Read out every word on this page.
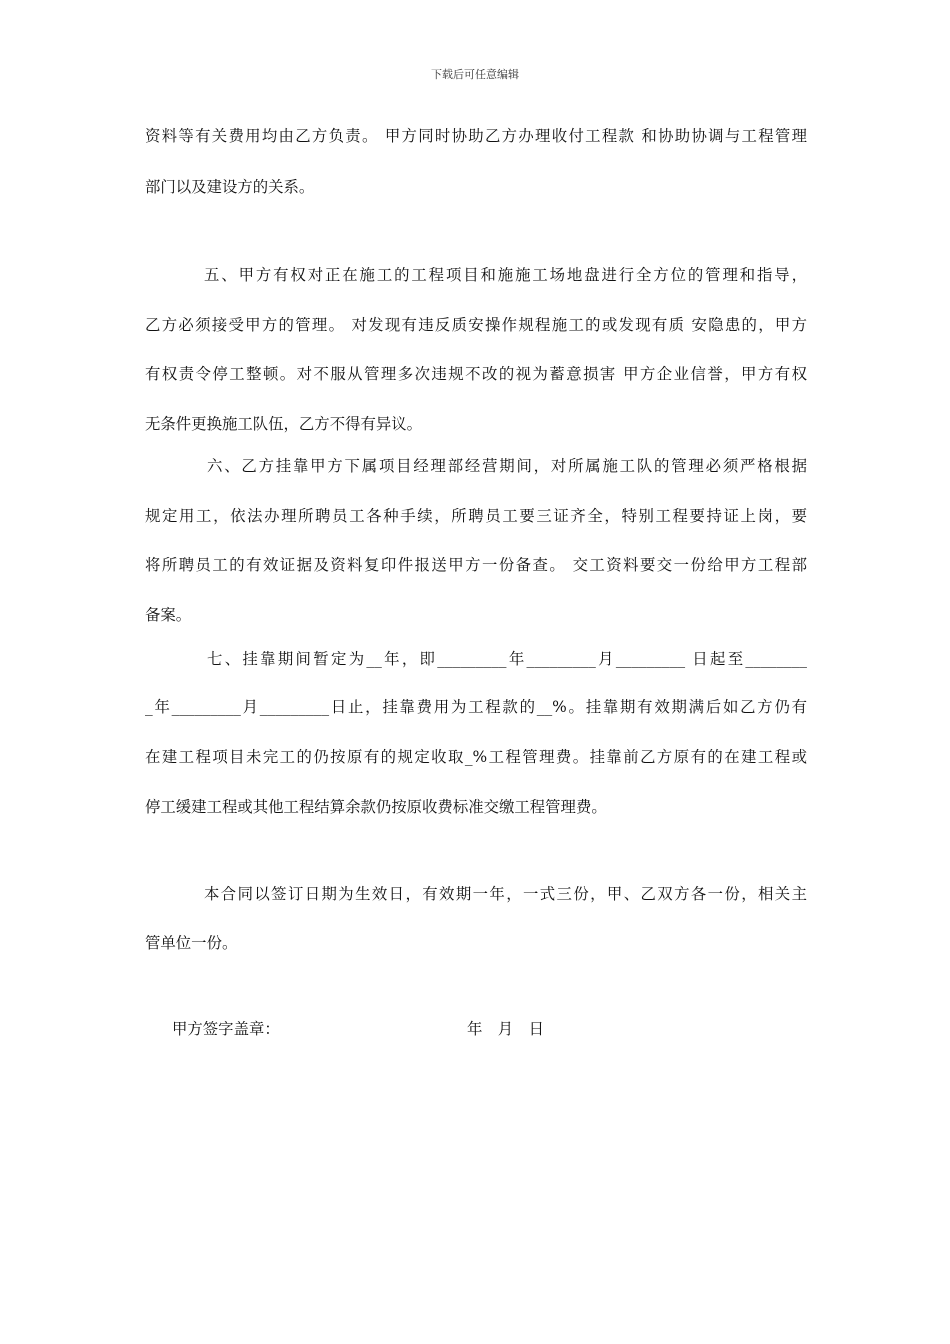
下载后可任意编辑
资料等有关费用均由乙方负责。 甲方同时协助乙方办理收付工程款 和协助协调与工程管理
部门以及建设方的关系。
五、甲方有权对正在施工的工程项目和施施工场地盘进行全方位的管理和指导，
乙方必须接受甲方的管理。 对发现有违反质安操作规程施工的或发现有质 安隐患的，甲方
有权责令停工整顿。对不服从管理多次违规不改的视为蓄意损害 甲方企业信誉，甲方有权
无条件更换施工队伍，乙方不得有异议。
六、乙方挂靠甲方下属项目经理部经营期间，对所属施工队的管理必须严格根据
规定用工，依法办理所聘员工各种手续，所聘员工要三证齐全，特别工程要持证上岗，要
将所聘员工的有效证据及资料复印件报送甲方一份备查。 交工资料要交一份给甲方工程部
备案。
七、挂靠期间暂定为__年，即_________年_________月_________ 日起至________
_年_________月_________日止，挂靠费用为工程款的__%。挂靠期有效期满后如乙方仍有
在建工程项目未完工的仍按原有的规定收取_%工程管理费。挂靠前乙方原有的在建工程或
停工缓建工程或其他工程结算余款仍按原收费标准交缴工程管理费。
本合同以签订日期为生效日，有效期一年，一式三份，甲、乙双方各一份，相关主
管单位一份。
甲方签字盖章：	年　月　日
